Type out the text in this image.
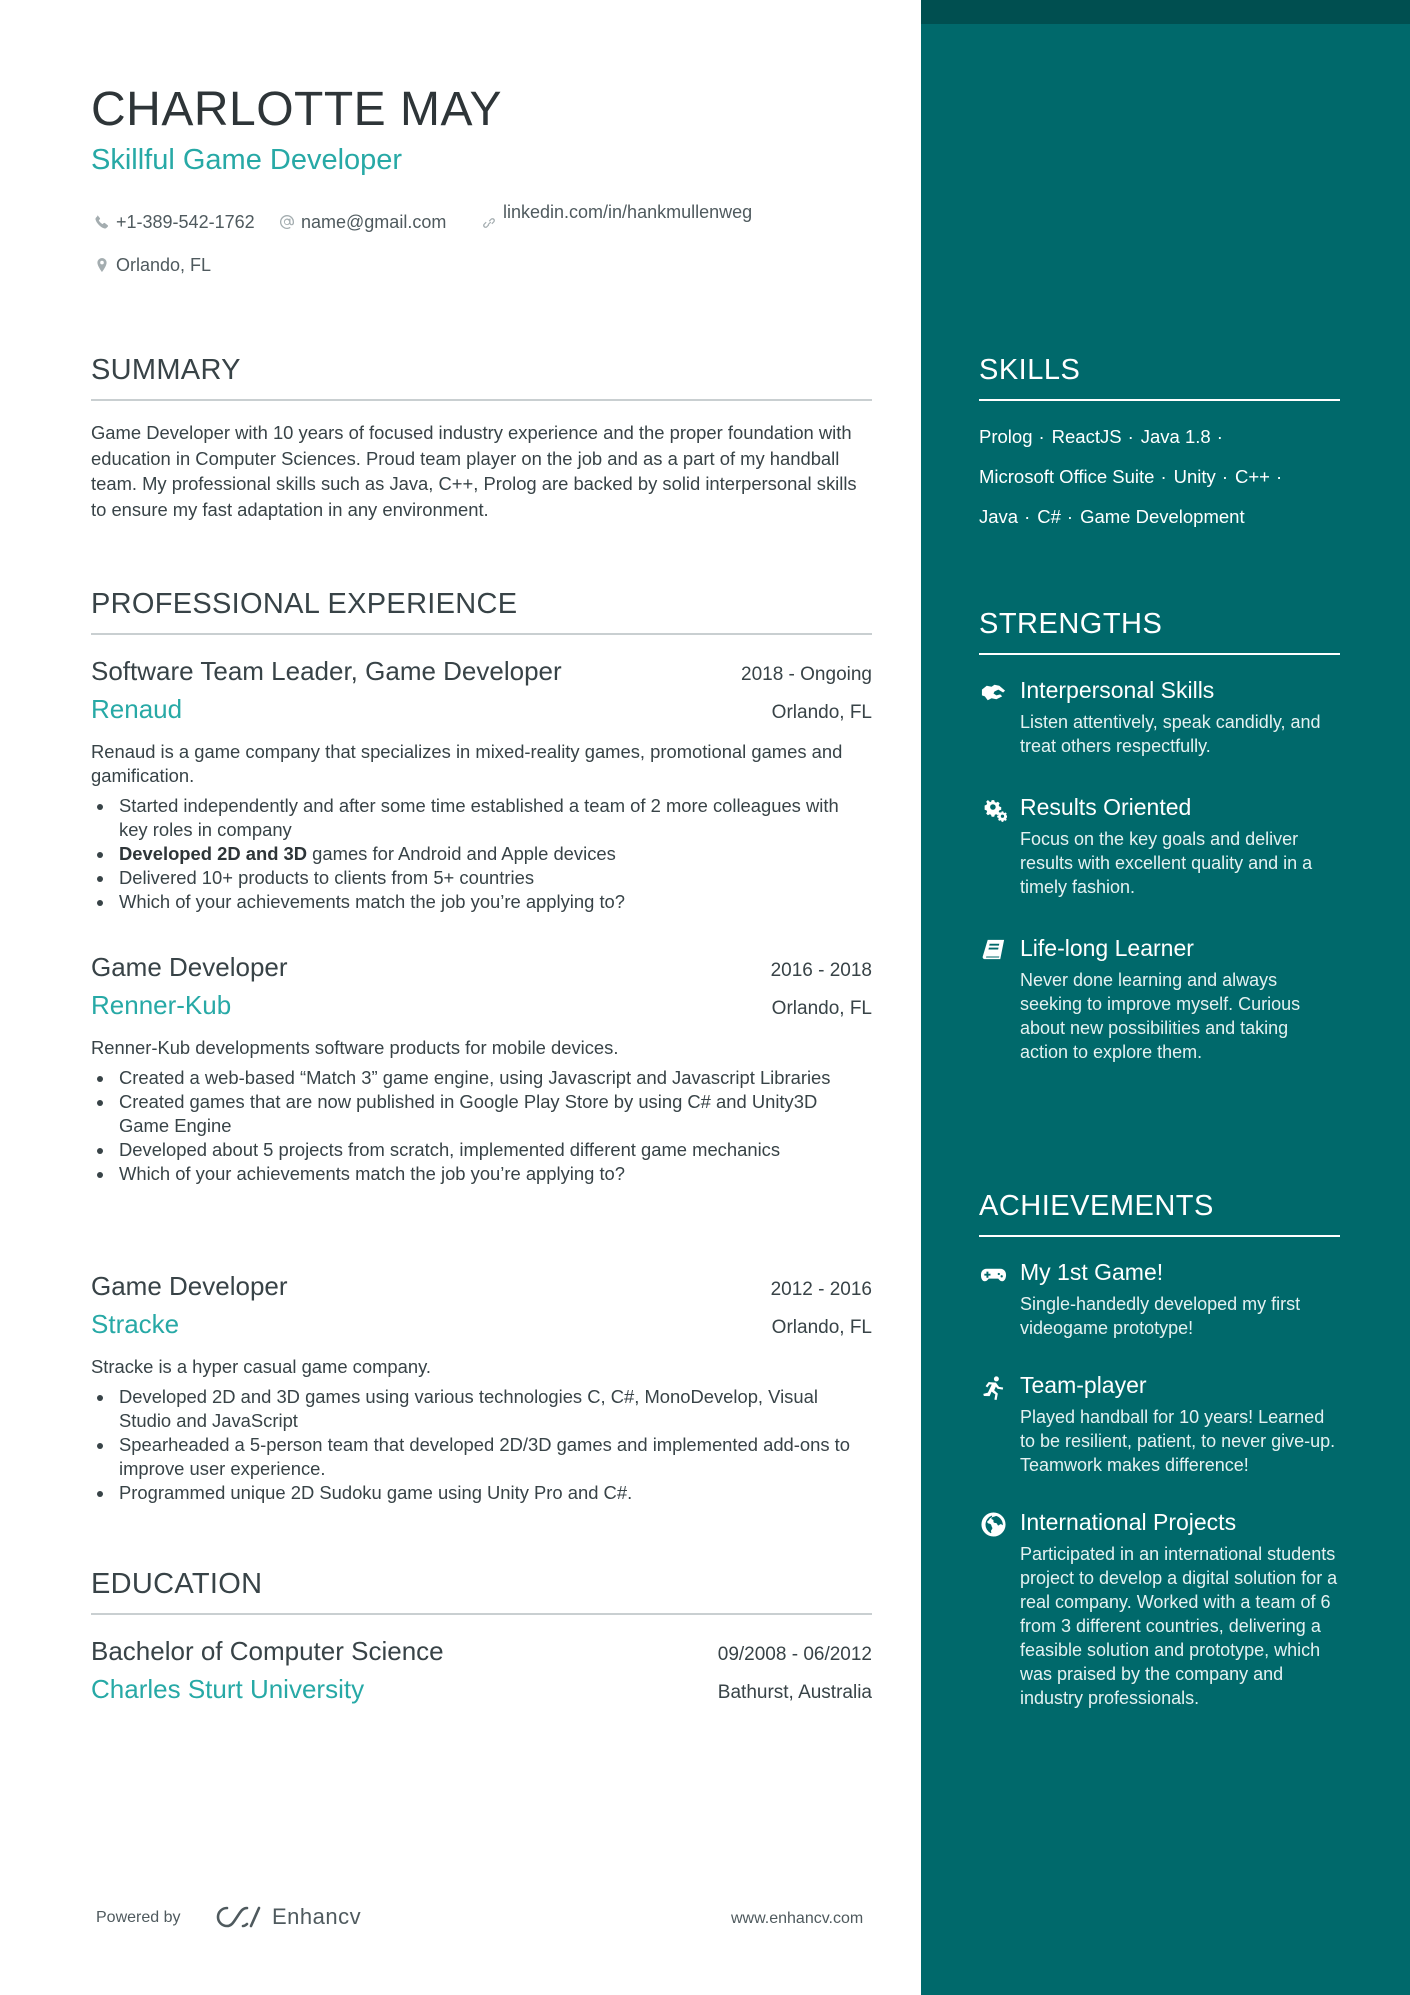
CHARLOTTE MAY
Skillful Game Developer
+1-389-542-1762	name@gmail.com	linkedin.com/in/hankmullenweg
Orlando, FL
SUMMARY

Game Developer with 10 years of focused industry experience and the proper foundation with education in Computer Sciences. Proud team player on the job and as a part of my handball team. My professional skills such as Java, C++, Prolog are backed by solid interpersonal skills to ensure my fast adaptation in any environment.

PROFESSIONAL EXPERIENCE
Software Team Leader, Game Developer	2018 - Ongoing
Renaud	Orlando, FL

Renaud is a game company that specializes in mixed-reality games, promotional games and gamification.

Started independently and after some time established a team of 2 more colleagues with key roles in company
Developed 2D and 3D games for Android and Apple devices
Delivered 10+ products to clients from 5+ countries
Which of your achievements match the job you’re applying to?
Game Developer	2016 - 2018
Renner-Kub	Orlando, FL

Renner-Kub developments software products for mobile devices.

Created a web-based “Match 3” game engine, using Javascript and Javascript Libraries
Created games that are now published in Google Play Store by using C# and Unity3D Game Engine
Developed about 5 projects from scratch, implemented different game mechanics
Which of your achievements match the job you’re applying to?
Game Developer	2012 - 2016
Stracke	Orlando, FL

Stracke is a hyper casual game company.

Developed 2D and 3D games using various technologies C, C#, MonoDevelop, Visual Studio and JavaScript
Spearheaded a 5-person team that developed 2D/3D games and implemented add-ons to improve user experience.
Programmed unique 2D Sudoku game using Unity Pro and C#.
EDUCATION
Bachelor of Computer Science	09/2008 - 06/2012
Charles Sturt University	Bathurst, Australia
Powered by	Enhancv	www.enhancv.com
SKILLS
Prolog · ReactJS · Java 1.8 ·
Microsoft Office Suite · Unity · C++ ·
Java · C# · Game Development
STRENGTHS
Interpersonal Skills
Listen attentively, speak candidly, and treat others respectfully.
Results Oriented
Focus on the key goals and deliver results with excellent quality and in a timely fashion.
Life-long Learner
Never done learning and always seeking to improve myself. Curious about new possibilities and taking action to explore them.
ACHIEVEMENTS
My 1st Game!
Single-handedly developed my first videogame prototype!
Team-player
Played handball for 10 years! Learned to be resilient, patient, to never give-up. Teamwork makes difference!
International Projects
Participated in an international students project to develop a digital solution for a real company. Worked with a team of 6 from 3 different countries, delivering a feasible solution and prototype, which was praised by the company and industry professionals.
